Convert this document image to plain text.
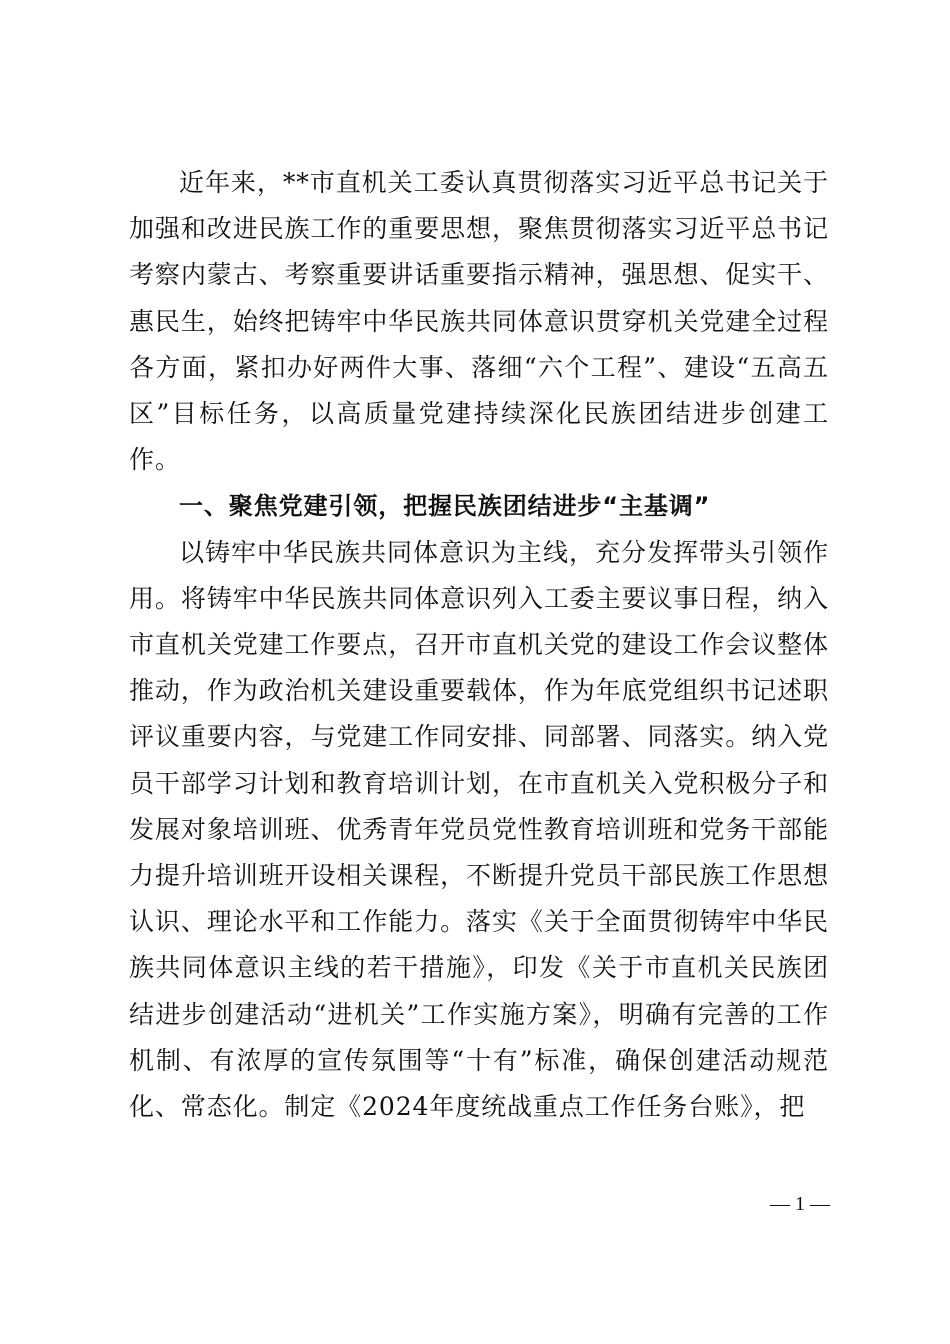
近年来，**市直机关工委认真贯彻落实习近平总书记关于加强和改进民族工作的重要思想，聚焦贯彻落实习近平总书记考察内蒙古、考察重要讲话重要指示精神，强思想、促实干、惠民生，始终把铸牢中华民族共同体意识贯穿机关党建全过程各方面，紧扣办好两件大事、落细“六个工程”、建设“五高五区”目标任务，以高质量党建持续深化民族团结进步创建工作。

一、聚焦党建引领，把握民族团结进步“主基调”

以铸牢中华民族共同体意识为主线，充分发挥带头引领作用。将铸牢中华民族共同体意识列入工委主要议事日程，纳入市直机关党建工作要点，召开市直机关党的建设工作会议整体推动，作为政治机关建设重要载体，作为年底党组织书记述职评议重要内容，与党建工作同安排、同部署、同落实。纳入党员干部学习计划和教育培训计划，在市直机关入党积极分子和发展对象培训班、优秀青年党员党性教育培训班和党务干部能力提升培训班开设相关课程，不断提升党员干部民族工作思想认识、理论水平和工作能力。落实《关于全面贯彻铸牢中华民族共同体意识主线的若干措施》，印发《关于市直机关民族团结进步创建活动“进机关”工作实施方案》，明确有完善的工作机制、有浓厚的宣传氛围等“十有”标准，确保创建活动规范化、常态化。制定《2024年度统战重点工作任务台账》，把

— 1 —
